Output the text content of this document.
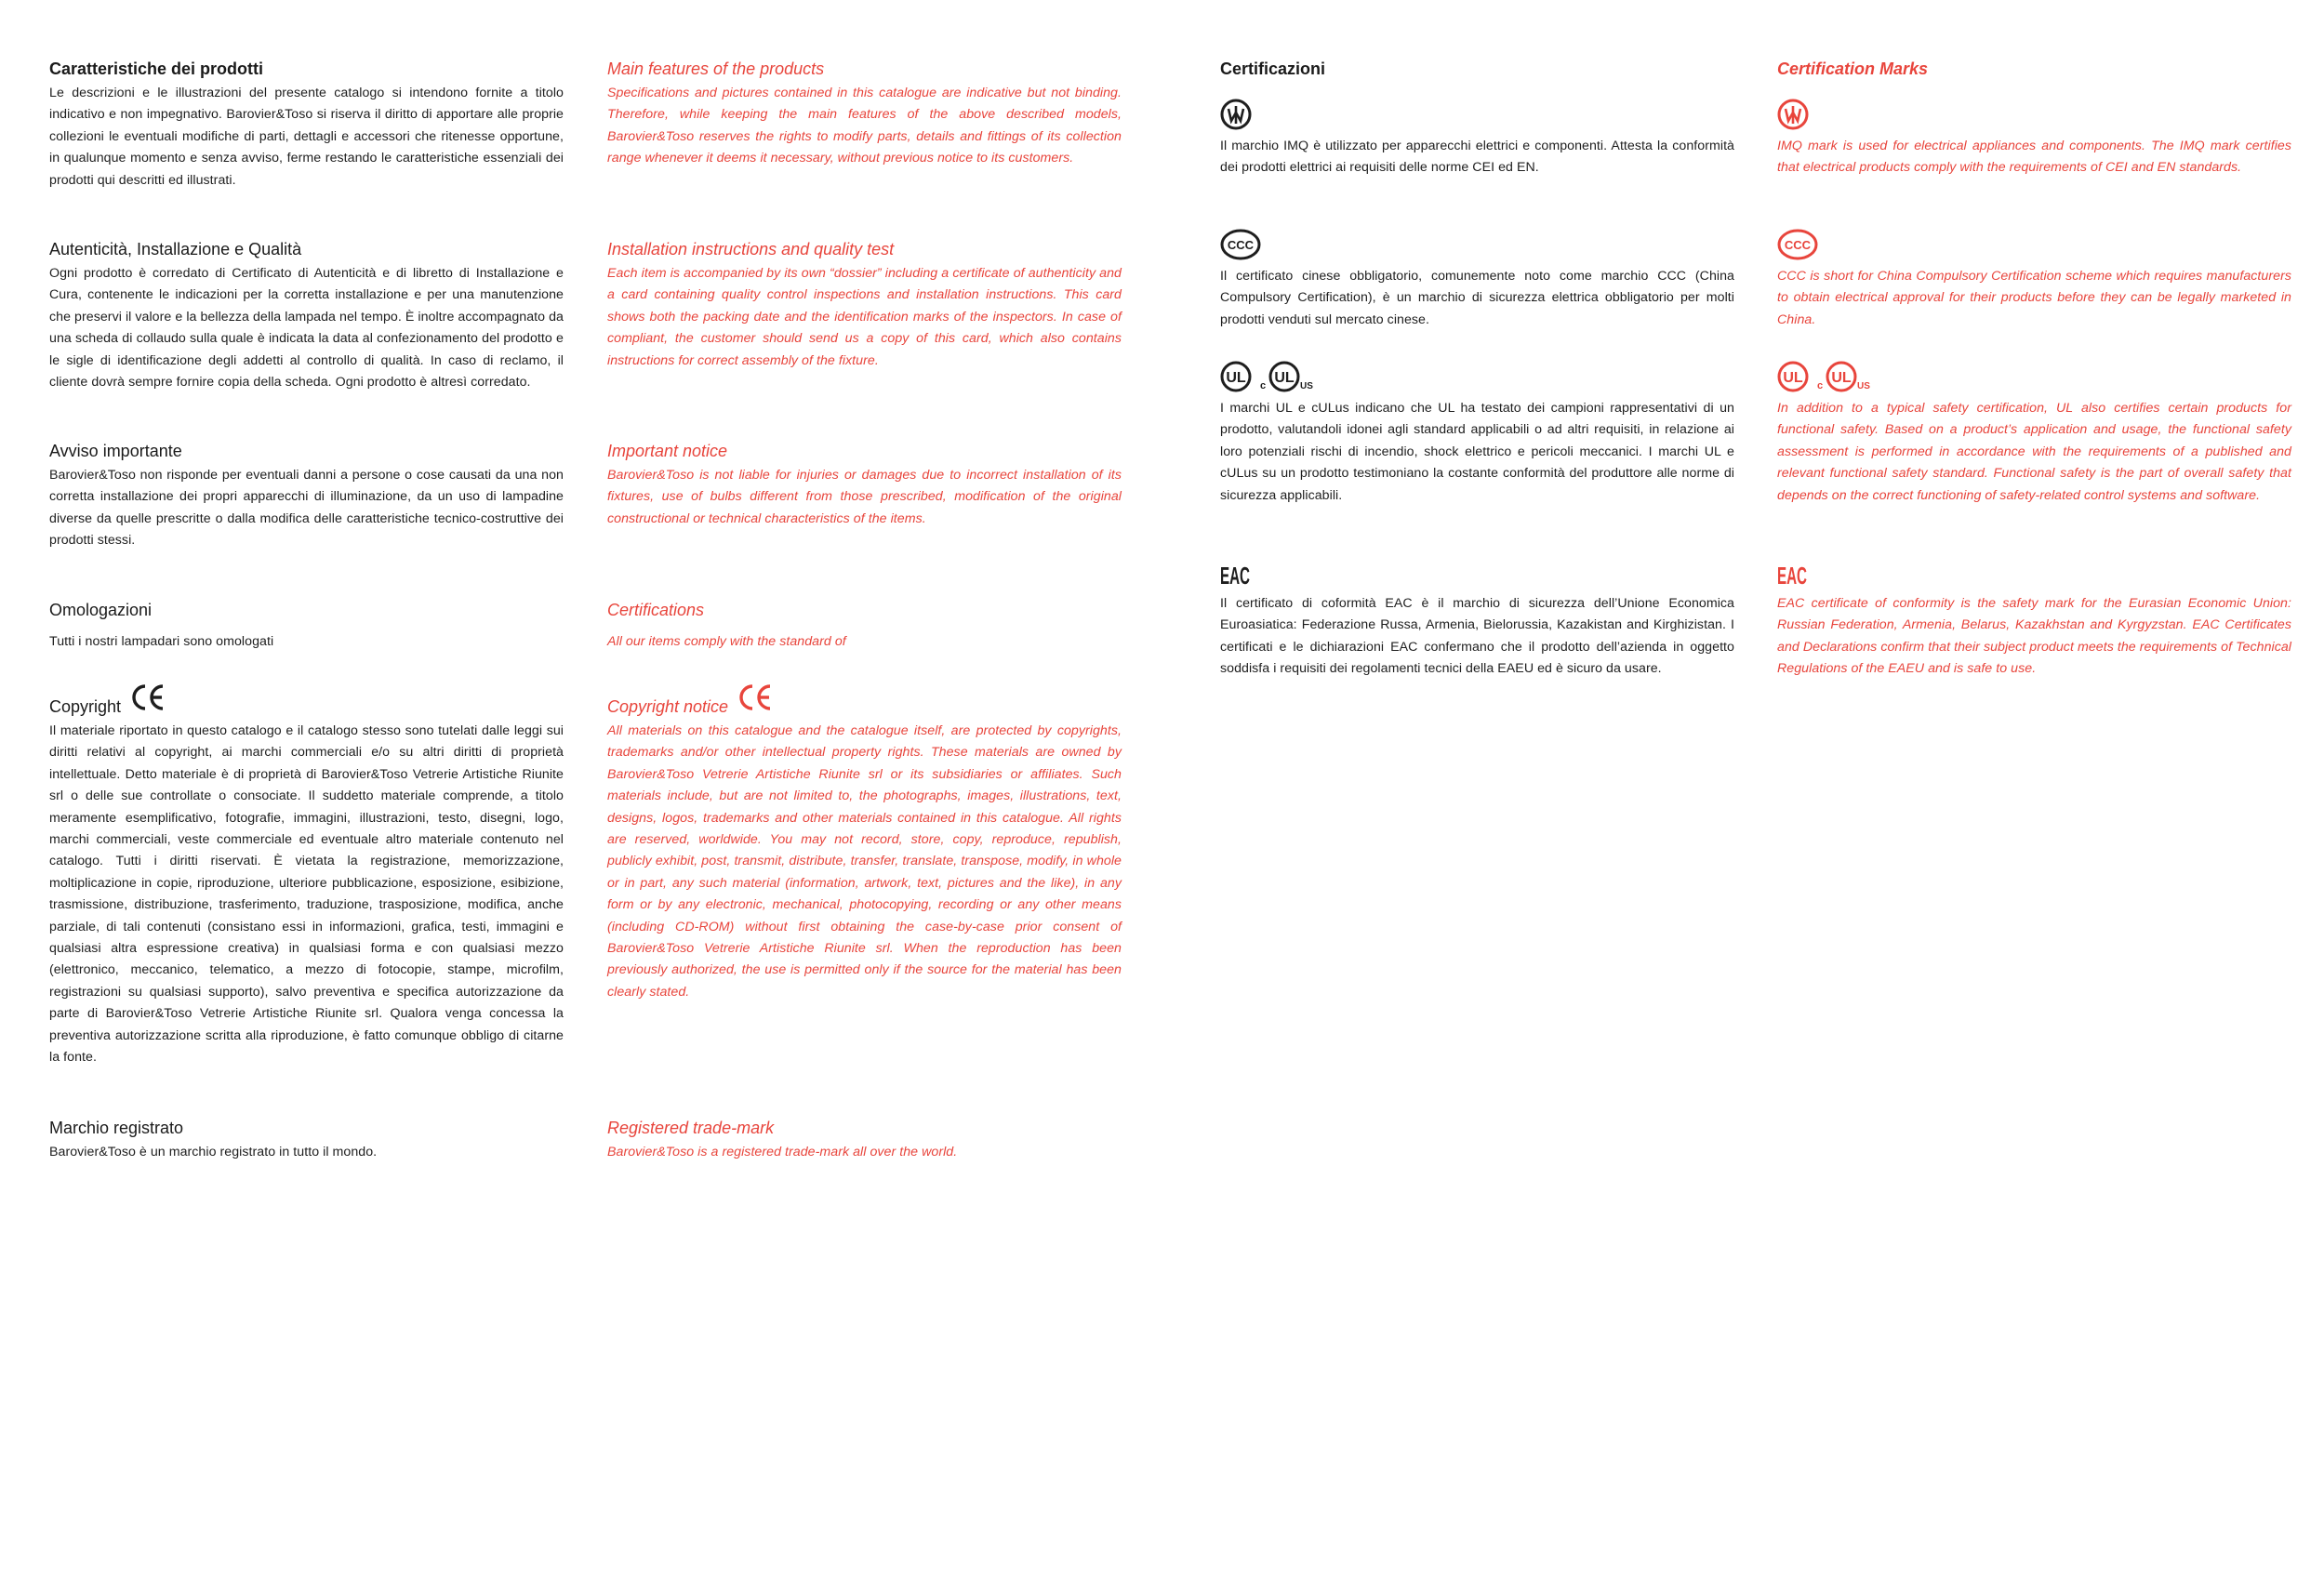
Caratteristiche dei prodotti

Le descrizioni e le illustrazioni del presente catalogo si intendono fornite a titolo indicativo e non impegnativo. Barovier&Toso si riserva il diritto di apportare alle proprie collezioni le eventuali modifiche di parti, dettagli e accessori che ritenesse opportune, in qualunque momento e senza avviso, ferme restando le caratteristiche essenziali dei prodotti qui descritti ed illustrati.

Autenticità, Installazione e Qualità

Ogni prodotto è corredato di Certificato di Autenticità e di libretto di Installazione e Cura, contenente le indicazioni per la corretta installazione e per una manutenzione che preservi il valore e la bellezza della lampada nel tempo. È inoltre accompagnato da una scheda di collaudo sulla quale è indicata la data al confezionamento del prodotto e le sigle di identificazione degli addetti al controllo di qualità. In caso di reclamo, il cliente dovrà sempre fornire copia della scheda. Ogni prodotto è altresì corredato.

Avviso importante

Barovier&Toso non risponde per eventuali danni a persone o cose causati da una non corretta installazione dei propri apparecchi di illuminazione, da un uso di lampadine diverse da quelle prescritte o dalla modifica delle caratteristiche tecnico-costruttive dei prodotti stessi.

Omologazioni

Tutti i nostri lampadari sono omologati

Copyright

Il materiale riportato in questo catalogo e il catalogo stesso sono tutelati dalle leggi sui diritti relativi al copyright, ai marchi commerciali e/o su altri diritti di proprietà intellettuale. Detto materiale è di proprietà di Barovier&Toso Vetrerie Artistiche Riunite srl o delle sue controllate o consociate. Il suddetto materiale comprende, a titolo meramente esemplificativo, fotografie, immagini, illustrazioni, testo, disegni, logo, marchi commerciali, veste commerciale ed eventuale altro materiale contenuto nel catalogo. Tutti i diritti riservati. È vietata la registrazione, memorizzazione, moltiplicazione in copie, riproduzione, ulteriore pubblicazione, esposizione, esibizione, trasmissione, distribuzione, trasferimento, traduzione, trasposizione, modifica, anche parziale, di tali contenuti (consistano essi in informazioni, grafica, testi, immagini e qualsiasi altra espressione creativa) in qualsiasi forma e con qualsiasi mezzo (elettronico, meccanico, telematico, a mezzo di fotocopie, stampe, microfilm, registrazioni su qualsiasi supporto), salvo preventiva e specifica autorizzazione da parte di Barovier&Toso Vetrerie Artistiche Riunite srl. Qualora venga concessa la preventiva autorizzazione scritta alla riproduzione, è fatto comunque obbligo di citarne la fonte.

Marchio registrato

Barovier&Toso è un marchio registrato in tutto il mondo.

Main features of the products

Specifications and pictures contained in this catalogue are indicative but not binding. Therefore, while keeping the main features of the above described models, Barovier&Toso reserves the rights to modify parts, details and fittings of its collection range whenever it deems it necessary, without previous notice to its customers.

Installation instructions and quality test

Each item is accompanied by its own “dossier” including a certificate of authenticity and a card containing quality control inspections and installation instructions. This card shows both the packing date and the identification marks of the inspectors. In case of compliant, the customer should send us a copy of this card, which also contains instructions for correct assembly of the fixture.

Important notice

Barovier&Toso is not liable for injuries or damages due to incorrect installation of its fixtures, use of bulbs different from those prescribed, modification of the original constructional or technical characteristics of the items.

Certifications

All our items comply with the standard of

Copyright notice

All materials on this catalogue and the catalogue itself, are protected by copyrights, trademarks and/or other intellectual property rights. These materials are owned by Barovier&Toso Vetrerie Artistiche Riunite srl or its subsidiaries or affiliates. Such materials include, but are not limited to, the photographs, images, illustrations, text, designs, logos, trademarks and other materials contained in this catalogue. All rights are reserved, worldwide. You may not record, store, copy, reproduce, republish, publicly exhibit, post, transmit, distribute, transfer, translate, transpose, modify, in whole or in part, any such material (information, artwork, text, pictures and the like), in any form or by any electronic, mechanical, photocopying, recording or any other means (including CD-ROM) without first obtaining the case-by-case prior consent of Barovier&Toso Vetrerie Artistiche Riunite srl. When the reproduction has been previously authorized, the use is permitted only if the source for the material has been clearly stated.

Registered trade-mark

Barovier&Toso is a registered trade-mark all over the world.

Certificazioni

Il marchio IMQ è utilizzato per apparecchi elettrici e componenti. Attesta la conformità dei prodotti elettrici ai requisiti delle norme CEI ed EN.

CCC

Il certificato cinese obbligatorio, comunemente noto come marchio CCC (China Compulsory Certification), è un marchio di sicurezza elettrica obbligatorio per molti prodotti venduti sul mercato cinese.

UL c UL
US

I marchi UL e cULus indicano che UL ha testato dei campioni rappresentativi di un prodotto, valutandoli idonei agli standard applicabili o ad altri requisiti, in relazione ai loro potenziali rischi di incendio, shock elettrico e pericoli meccanici. I marchi UL e cULus su un prodotto testimoniano la costante conformità del produttore alle norme di sicurezza applicabili.

EAC

Il certificato di coformità EAC è il marchio di sicurezza dell’Unione Economica Euroasiatica: Federazione Russa, Armenia, Bielorussia, Kazakistan and Kirghizistan. I certificati e le dichiarazioni EAC confermano che il prodotto dell’azienda in oggetto soddisfa i requisiti dei regolamenti tecnici della EAEU ed è sicuro da usare.

Certification Marks

IMQ mark is used for electrical appliances and components. The IMQ mark certifies that electrical products comply with the requirements of CEI and EN standards.

CCC

CCC is short for China Compulsory Certification scheme which requires manufacturers to obtain electrical approval for their products before they can be legally marketed in China.

UL c UL
US

In addition to a typical safety certification, UL also certifies certain products for functional safety. Based on a product’s application and usage, the functional safety assessment is performed in accordance with the requirements of a published and relevant functional safety standard. Functional safety is the part of overall safety that depends on the correct functioning of safety-related control systems and software.

EAC

EAC certificate of conformity is the safety mark for the Eurasian Economic Union: Russian Federation, Armenia, Belarus, Kazakhstan and Kyrgyzstan. EAC Certificates and Declarations confirm that their subject product meets the requirements of Technical Regulations of the EAEU and is safe to use.
